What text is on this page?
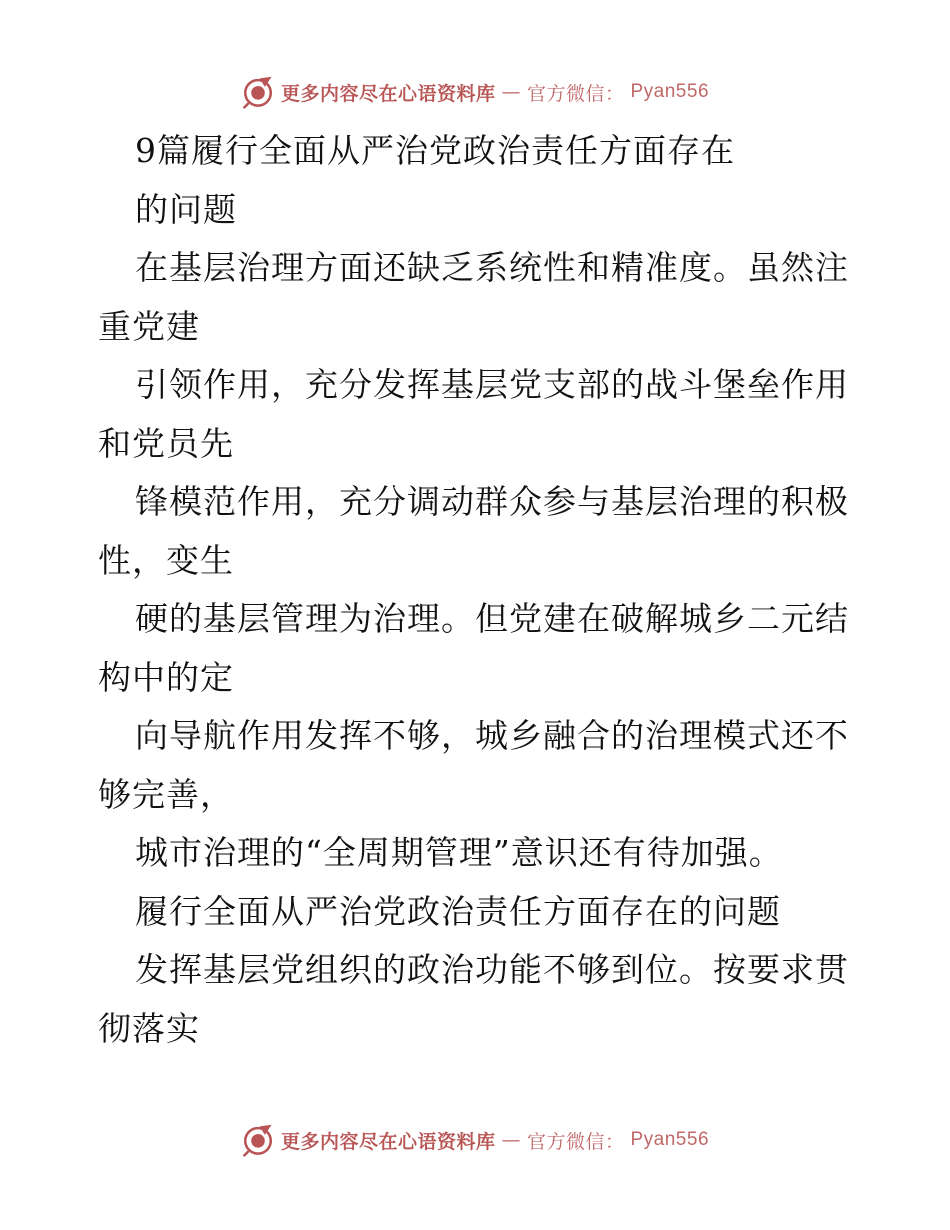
更多内容尽在心语资料库 — 官方微信： Pyan556
9篇履行全面从严治党政治责任方面存在
的问题
在基层治理方面还缺乏系统性和精准度。虽然注
重党建
引领作用，充分发挥基层党支部的战斗堡垒作用
和党员先
锋模范作用，充分调动群众参与基层治理的积极
性，变生
硬的基层管理为治理。但党建在破解城乡二元结
构中的定
向导航作用发挥不够，城乡融合的治理模式还不
够完善，
城市治理的“全周期管理”意识还有待加强。
履行全面从严治党政治责任方面存在的问题
发挥基层党组织的政治功能不够到位。按要求贯
彻落实
更多内容尽在心语资料库 — 官方微信： Pyan556
